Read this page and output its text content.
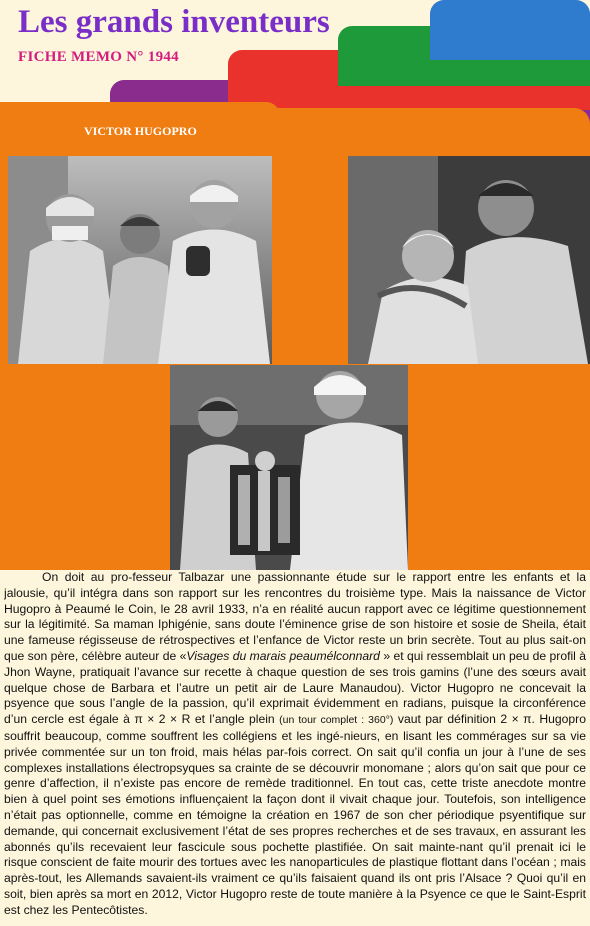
Les grands inventeurs
FICHE MEMO N° 1944
VICTOR HUGOPRO

On doit au pro-fesseur Talbazar une passionnante étude sur le rapport entre les enfants et la jalousie, qu’il intégra dans son rapport sur les rencontres du troisième type. Mais la naissance de Victor Hugopro à Peaumé le Coin, le 28 avril 1933, n’a en réalité aucun rapport avec ce légitime questionnement sur la légitimité. Sa maman Iphigénie, sans doute l’éminence grise de son histoire et sosie de Sheila, était une fameuse régisseuse de rétrospectives et l’enfance de Victor reste un brin secrète. Tout au plus sait-on que son père, célèbre auteur de «Visages du marais peaumélconnard » et qui ressemblait un peu de profil à Jhon Wayne, pratiquait l’avance sur recette à chaque question de ses trois gamins (l’une des sœurs avait quelque chose de Barbara et l’autre un petit air de Laure Manaudou). Victor Hugopro ne concevait la psyence que sous l’angle de la passion, qu’il exprimait évidemment en radians, puisque la circonférence d’un cercle est égale à π × 2 × R et l’angle plein (un tour complet : 360°) vaut par définition 2 × π. Hugopro souffrit beaucoup, comme souffrent les collégiens et les ingé-nieurs, en lisant les commérages sur sa vie privée commentée sur un ton froid, mais hélas par-fois correct. On sait qu’il confia un jour à l’une de ses complexes installations électropsyques sa crainte de se découvrir monomane ; alors qu’on sait que pour ce genre d’affection, il n’existe pas encore de remède traditionnel. En tout cas, cette triste anecdote montre bien à quel point ses émotions influençaient la façon dont il vivait chaque jour. Toutefois, son intelligence n’était pas optionnelle, comme en témoigne la création en 1967 de son cher périodique psyentifique sur demande, qui concernait exclusivement l’état de ses propres recherches et de ses travaux, en assurant les abonnés qu’ils recevaient leur fascicule sous pochette plastifiée. On sait mainte-nant qu’il prenait ici le risque conscient de faite mourir des tortues avec les nanoparticules de plastique flottant dans l’océan ; mais après-tout, les Allemands savaient-ils vraiment ce qu’ils faisaient quand ils ont pris l’Alsace ? Quoi qu’il en soit, bien après sa mort en 2012, Victor Hugopro reste de toute manière à la Psyence ce que le Saint-Esprit est chez les Pentecôtistes.
